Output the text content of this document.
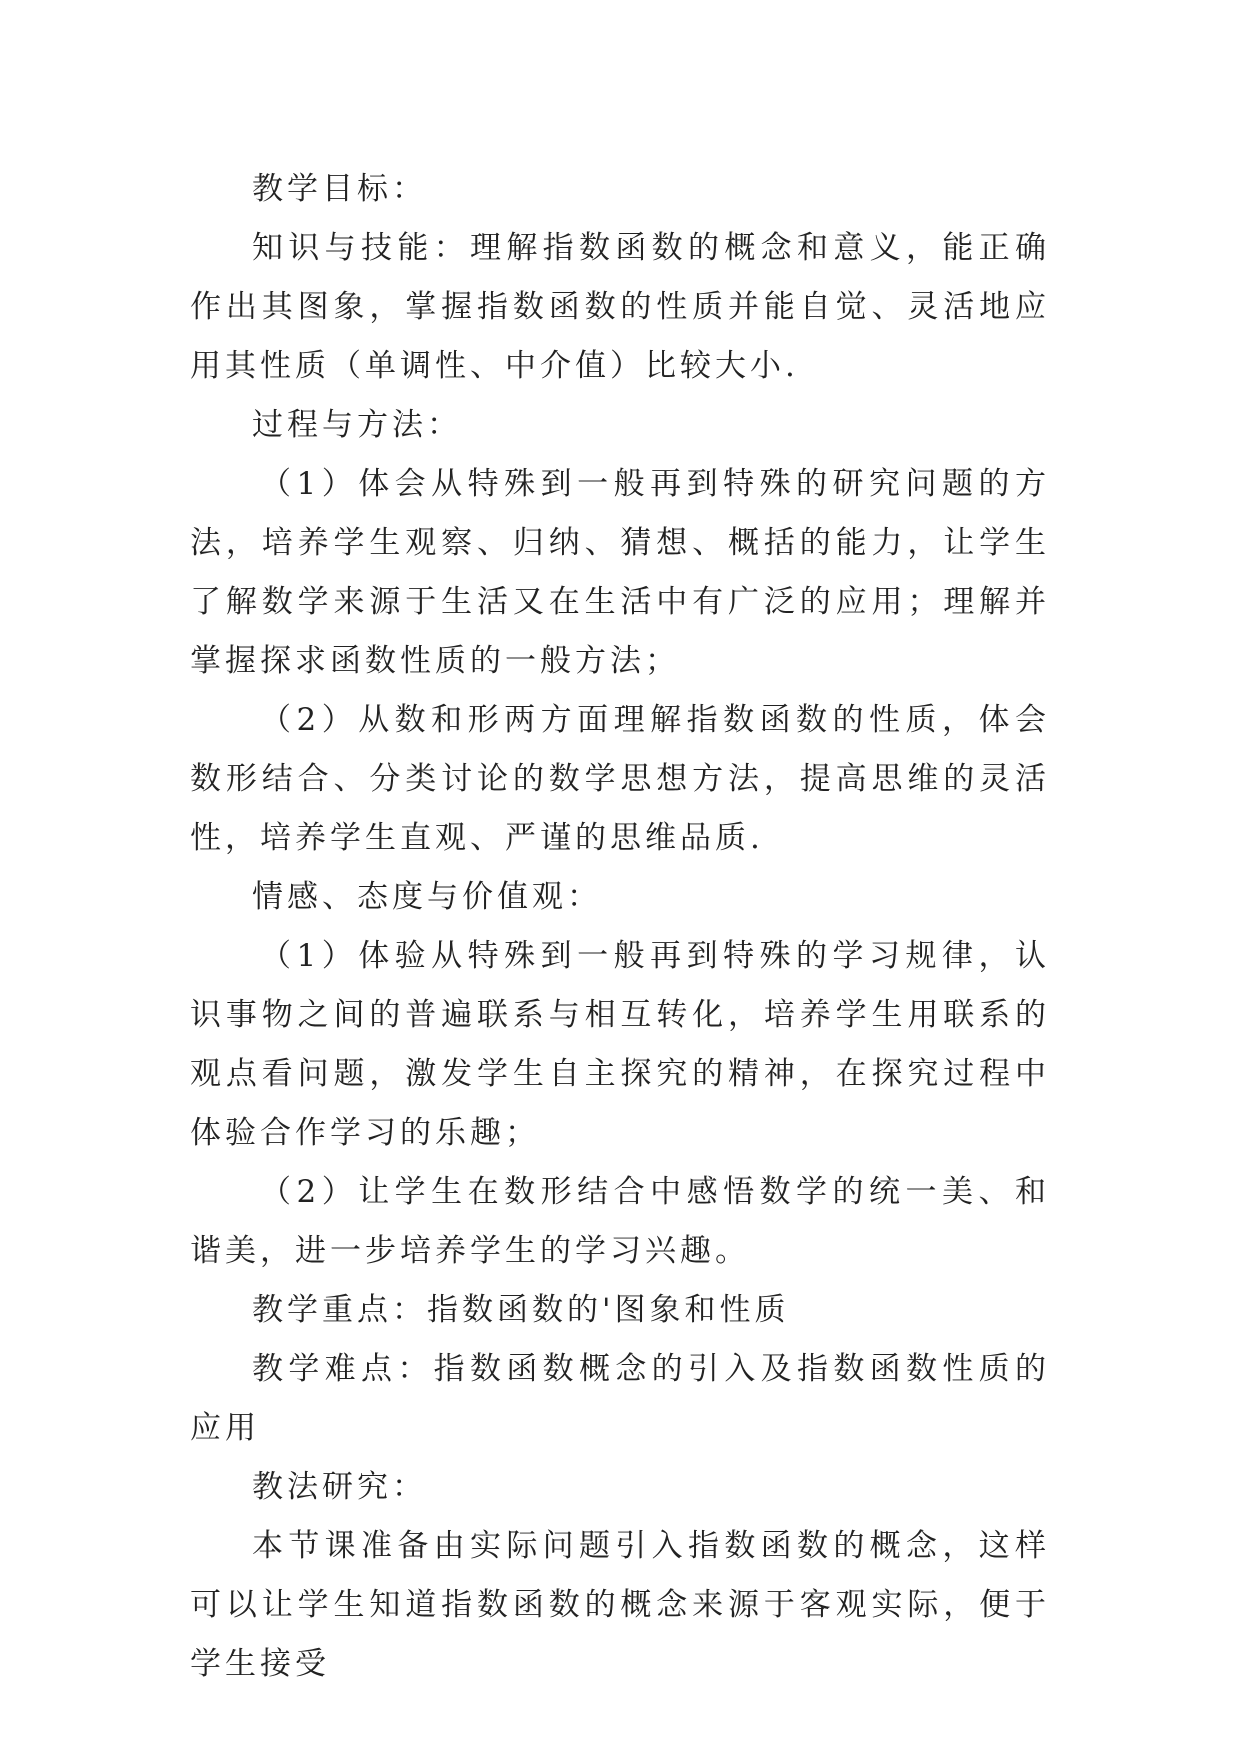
教学目标：

知识与技能：理解指数函数的概念和意义，能正确作出其图象，掌握指数函数的性质并能自觉、灵活地应用其性质（单调性、中介值）比较大小.

过程与方法：

（1）体会从特殊到一般再到特殊的研究问题的方法，培养学生观察、归纳、猜想、概括的能力，让学生了解数学来源于生活又在生活中有广泛的应用；理解并掌握探求函数性质的一般方法；

（2）从数和形两方面理解指数函数的性质，体会数形结合、分类讨论的数学思想方法，提高思维的灵活性，培养学生直观、严谨的思维品质.

情感、态度与价值观：

（1）体验从特殊到一般再到特殊的学习规律，认识事物之间的普遍联系与相互转化，培养学生用联系的观点看问题，激发学生自主探究的精神，在探究过程中体验合作学习的乐趣；

（2）让学生在数形结合中感悟数学的统一美、和谐美，进一步培养学生的学习兴趣。

教学重点：指数函数的'图象和性质

教学难点：指数函数概念的引入及指数函数性质的应用

教法研究：

本节课准备由实际问题引入指数函数的概念，这样可以让学生知道指数函数的概念来源于客观实际，便于学生接受
